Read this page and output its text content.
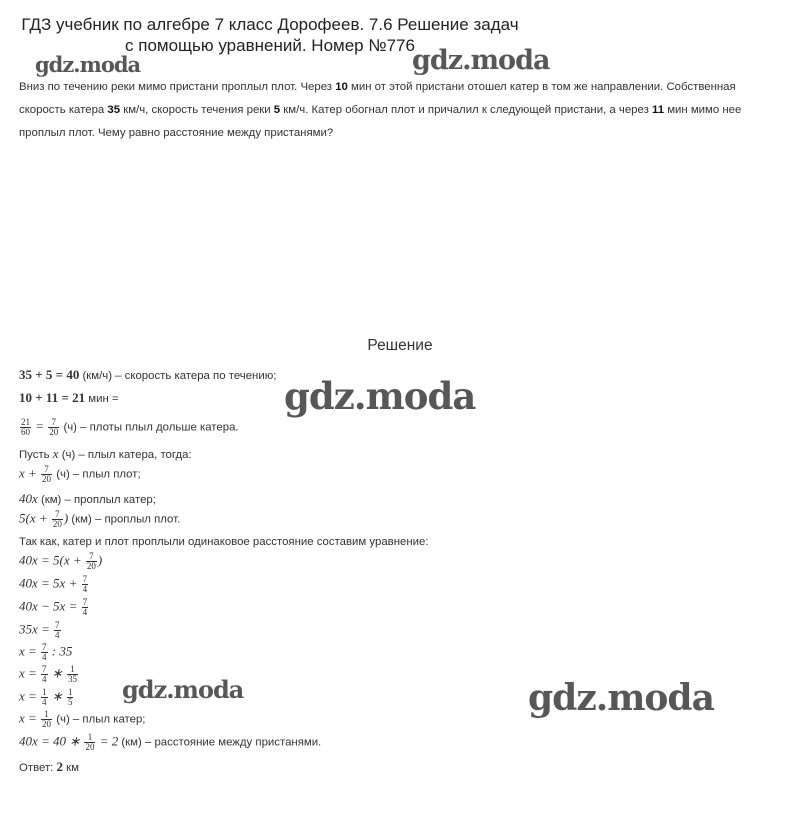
ГДЗ учебник по алгебре 7 класс Дорофеев. 7.6 Решение задач
с помощью уравнений. Номер №776
gdz.moda	gdz.moda
Вниз по течению реки мимо пристани проплыл плот. Через 10 мин от этой пристани отошел катер в том же направлении. Собственная скорость катера 35 км/ч, скорость течения реки 5 км/ч. Катер обогнал плот и причалил к следующей пристани, а через 11 мин мимо нее проплыл плот. Чему равно расстояние между пристанями?
Решение
35 + 5 = 40 (км/ч) – скорость катера по течению; gdz.moda
10 + 11 = 21 мин =
$\frac{21}{60} = \frac{7}{20} (ч)$ – плоты плыл дольше катера.
Пусть x (ч) – плыл катера, тогда:
$x + \frac{7}{20} (ч)$ – плыл плот;
40x (км) – проплыл катер;
$5(x + \frac{7}{20}$ ) (км) – проплыл плот.
Так как, катер и плот проплыли одинаковое расстояние составим уравнение:
$40x = 5(x + \frac{7}{20}$ )
$40x = 5x + \frac{7}{4}$
$40x - 5x = \frac{7}{4}$
$35x = \frac{7}{4}$
$x = \frac{7}{4}$ : 35
$x = \frac{7}{4}$ ∗ $\frac{1}{35}$
gdz.moda	gdz.moda
$x = \frac{1}{4}$ ∗ $\frac{1}{5}$
$x = \frac{1}{20} (ч)$ – плыл катер;
40x = 40 ∗ $\frac{1}{20} = 2$ (км) – расстояние между пристанями.
Ответ: 2 км
